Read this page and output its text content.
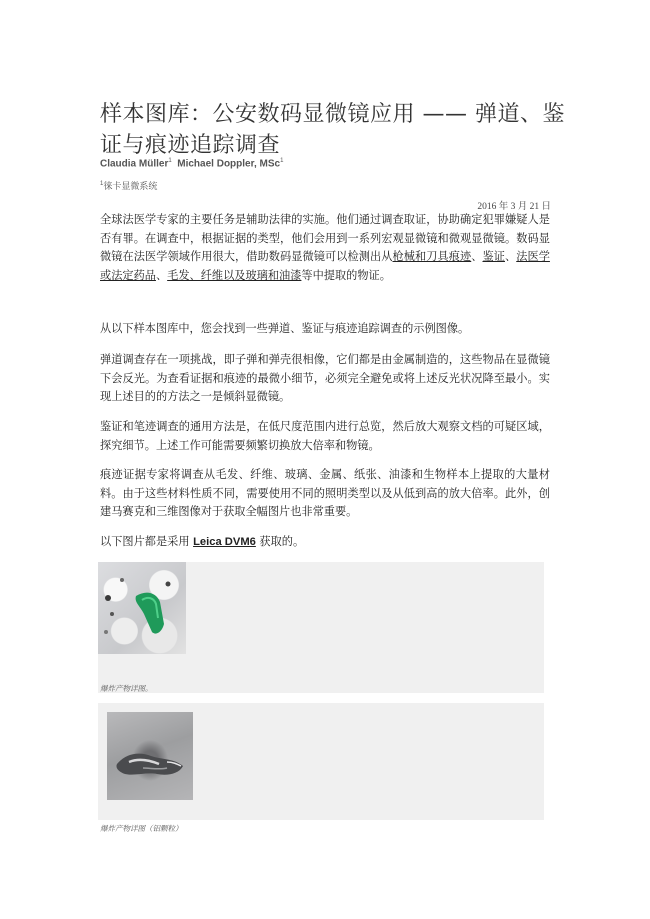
样本图库：公安数码显微镜应用 —— 弹道、鉴证与痕迹追踪调查
Claudia Müller$^1$ Michael Doppler, MSc$^1$
$^1$徕卡显微系统
2016 年 3 月 21 日

全球法医学专家的主要任务是辅助法律的实施。他们通过调查取证，协助确定犯罪嫌疑人是否有罪。在调查中，根据证据的类型，他们会用到一系列宏观显微镜和微观显微镜。数码显微镜在法医学领域作用很大，借助数码显微镜可以检测出从枪械和刀具痕迹、鉴证、法医学或法定药品、毛发、纤维以及玻璃和油漆等中提取的物证。

从以下样本图库中，您会找到一些弹道、鉴证与痕迹追踪调查的示例图像。

弹道调查存在一项挑战，即子弹和弹壳很相像，它们都是由金属制造的，这些物品在显微镜下会反光。为查看证据和痕迹的最微小细节，必须完全避免或将上述反光状况降至最小。实现上述目的的方法之一是倾斜显微镜。

鉴证和笔迹调查的通用方法是，在低尺度范围内进行总览，然后放大观察文档的可疑区域，探究细节。上述工作可能需要频繁切换放大倍率和物镜。

痕迹证据专家将调查从毛发、纤维、玻璃、金属、纸张、油漆和生物样本上提取的大量材料。由于这些材料性质不同，需要使用不同的照明类型以及从低到高的放大倍率。此外，创建马赛克和三维图像对于获取全幅图片也非常重要。

以下图片都是采用 Leica DVM6 获取的。

爆炸产物详图。
爆炸产物详图（铝颗粒）
